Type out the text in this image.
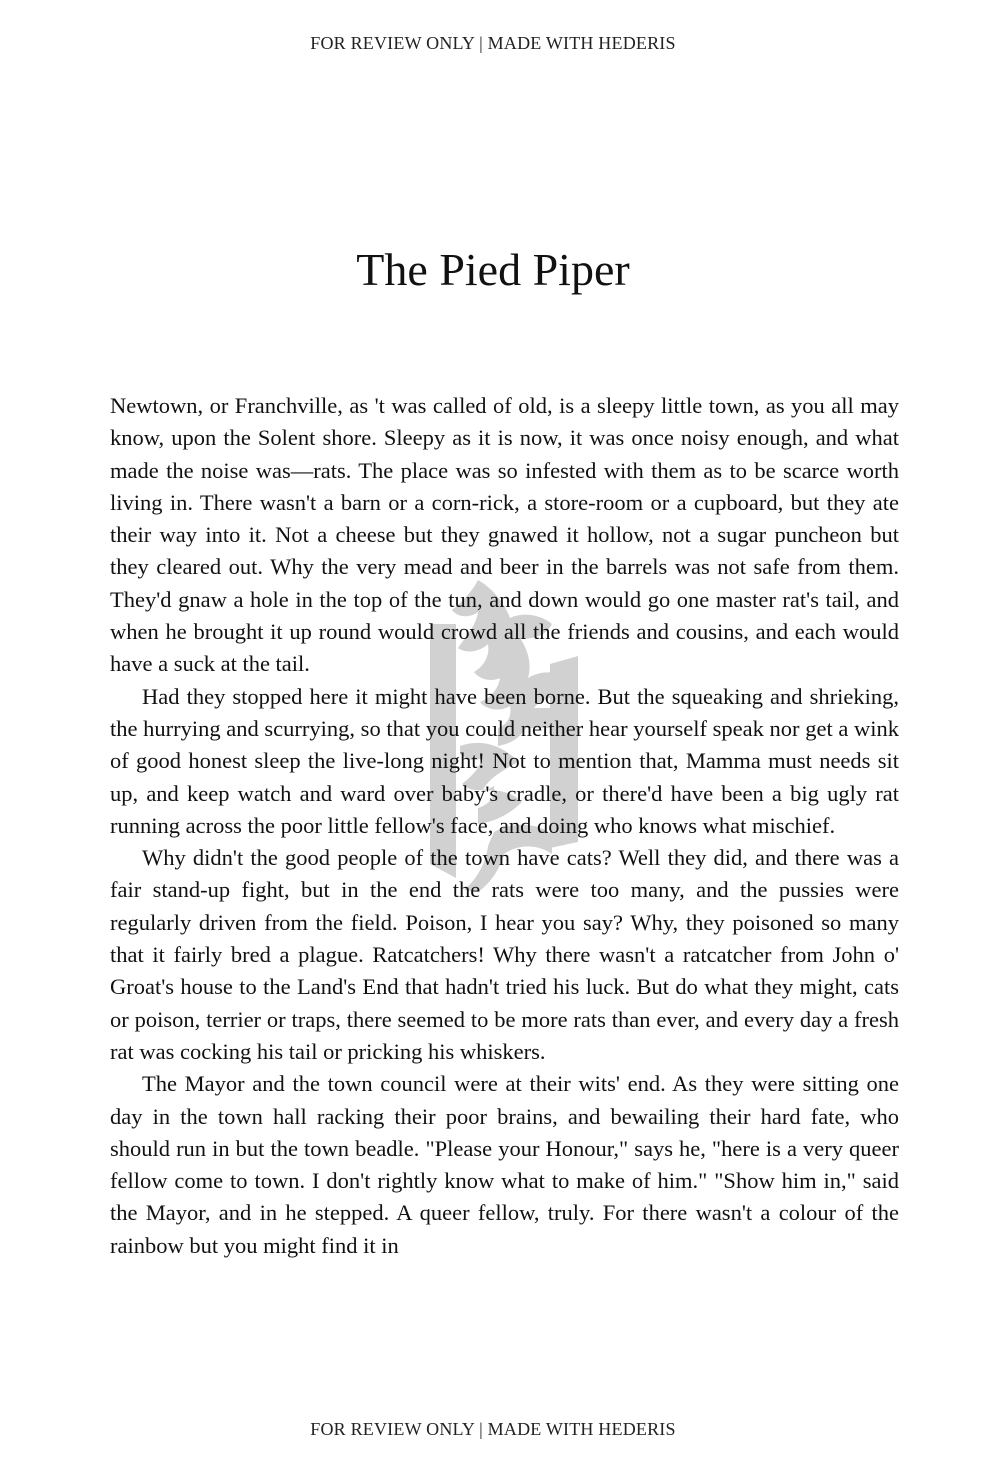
FOR REVIEW ONLY | MADE WITH HEDERIS
The Pied Piper

Newtown, or Franchville, as 't was called of old, is a sleepy little town, as you all may know, upon the Solent shore. Sleepy as it is now, it was once noisy enough, and what made the noise was—rats. The place was so infested with them as to be scarce worth living in. There wasn't a barn or a corn-rick, a store-room or a cupboard, but they ate their way into it. Not a cheese but they gnawed it hollow, not a sugar puncheon but they cleared out. Why the very mead and beer in the barrels was not safe from them. They'd gnaw a hole in the top of the tun, and down would go one master rat's tail, and when he brought it up round would crowd all the friends and cousins, and each would have a suck at the tail.

Had they stopped here it might have been borne. But the squeaking and shrieking, the hurrying and scurrying, so that you could neither hear yourself speak nor get a wink of good honest sleep the live-long night! Not to mention that, Mamma must needs sit up, and keep watch and ward over baby's cradle, or there'd have been a big ugly rat running across the poor little fellow's face, and doing who knows what mischief.

Why didn't the good people of the town have cats? Well they did, and there was a fair stand-up fight, but in the end the rats were too many, and the pussies were regularly driven from the field. Poison, I hear you say? Why, they poisoned so many that it fairly bred a plague. Ratcatchers! Why there wasn't a ratcatcher from John o' Groat's house to the Land's End that hadn't tried his luck. But do what they might, cats or poison, terrier or traps, there seemed to be more rats than ever, and every day a fresh rat was cocking his tail or pricking his whiskers.

The Mayor and the town council were at their wits' end. As they were sitting one day in the town hall racking their poor brains, and bewailing their hard fate, who should run in but the town beadle. "Please your Honour," says he, "here is a very queer fellow come to town. I don't rightly know what to make of him." "Show him in," said the Mayor, and in he stepped. A queer fellow, truly. For there wasn't a colour of the rainbow but you might find it in

FOR REVIEW ONLY | MADE WITH HEDERIS
